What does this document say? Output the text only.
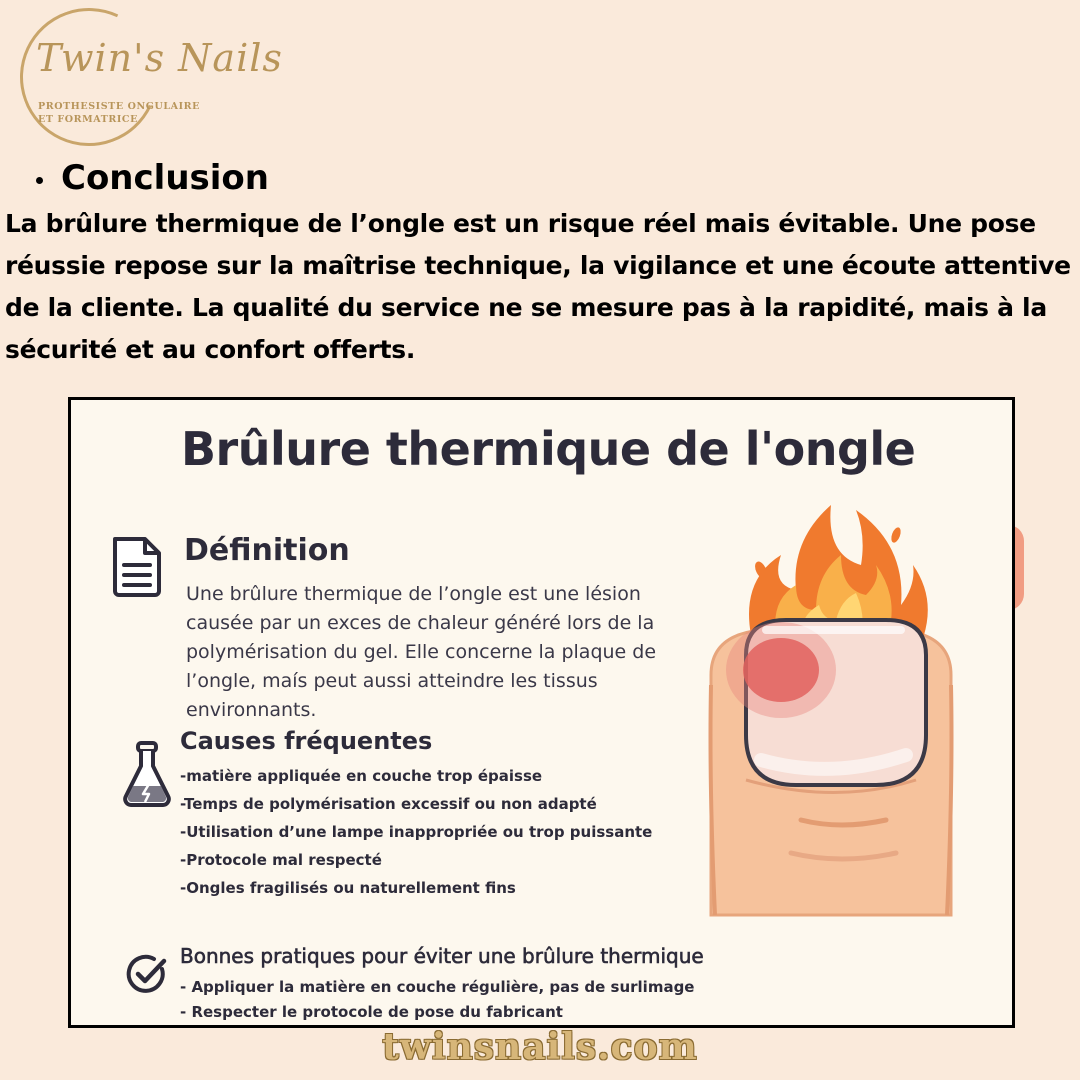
Twin's Nails
PROTHESISTE ONGULAIRE
ET FORMATRICE
Conclusion
La brûlure thermique de l’ongle est un risque réel mais évitable. Une pose réussie repose sur la maîtrise technique, la vigilance et une écoute attentive de la cliente. La qualité du service ne se mesure pas à la rapidité, mais à la sécurité et au confort offerts.
Brûlure thermique de l'ongle
Définition
Une brûlure thermique de l’ongle est une lésion causée par un exces de chaleur généré lors de la polymérisation du gel. Elle concerne la plaque de l’ongle, maís peut aussi atteindre les tissus environnants.
Causes fréquentes
-matière appliquée en couche trop épaisse
-Temps de polymérisation excessif ou non adapté
-Utilisation d’une lampe inappropriée ou trop puissante
-Protocole mal respecté
-Ongles fragilisés ou naturellement fins
Bonnes pratiques pour éviter une brûlure thermique
- Appliquer la matière en couche régulière, pas de surlimage
- Respecter le protocole de pose du fabricant
twinsnails.com
